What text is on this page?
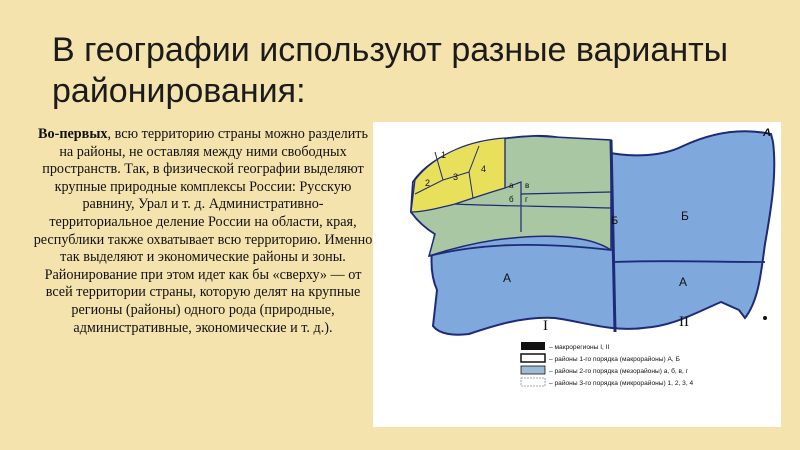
В географии используют разные варианты районирования:

Во-первых, всю территорию страны можно разделить на районы, не оставляя между ними свободных пространств. Так, в физической географии выделяют крупные природные комплексы России: Русскую равнину, Урал и т. д. Административно-территориальное деление России на области, края, республики также охватывает всю территорию. Именно так выделяют и экономические районы и зоны. Районирование при этом идет как бы «сверху» — от всей территории страны, которую делят на крупные регионы (районы) одного рода (природные, административные, экономические и т. д.).

А
1
2
3
4
а в
б г
Б	Б
А	А
I	II
– макрорегионы I, II
– районы 1-го порядка (макрорайоны) А, Б
– районы 2-го порядка (мезорайоны) а, б, в, г
– районы 3-го порядка (микрорайоны) 1, 2, 3, 4
